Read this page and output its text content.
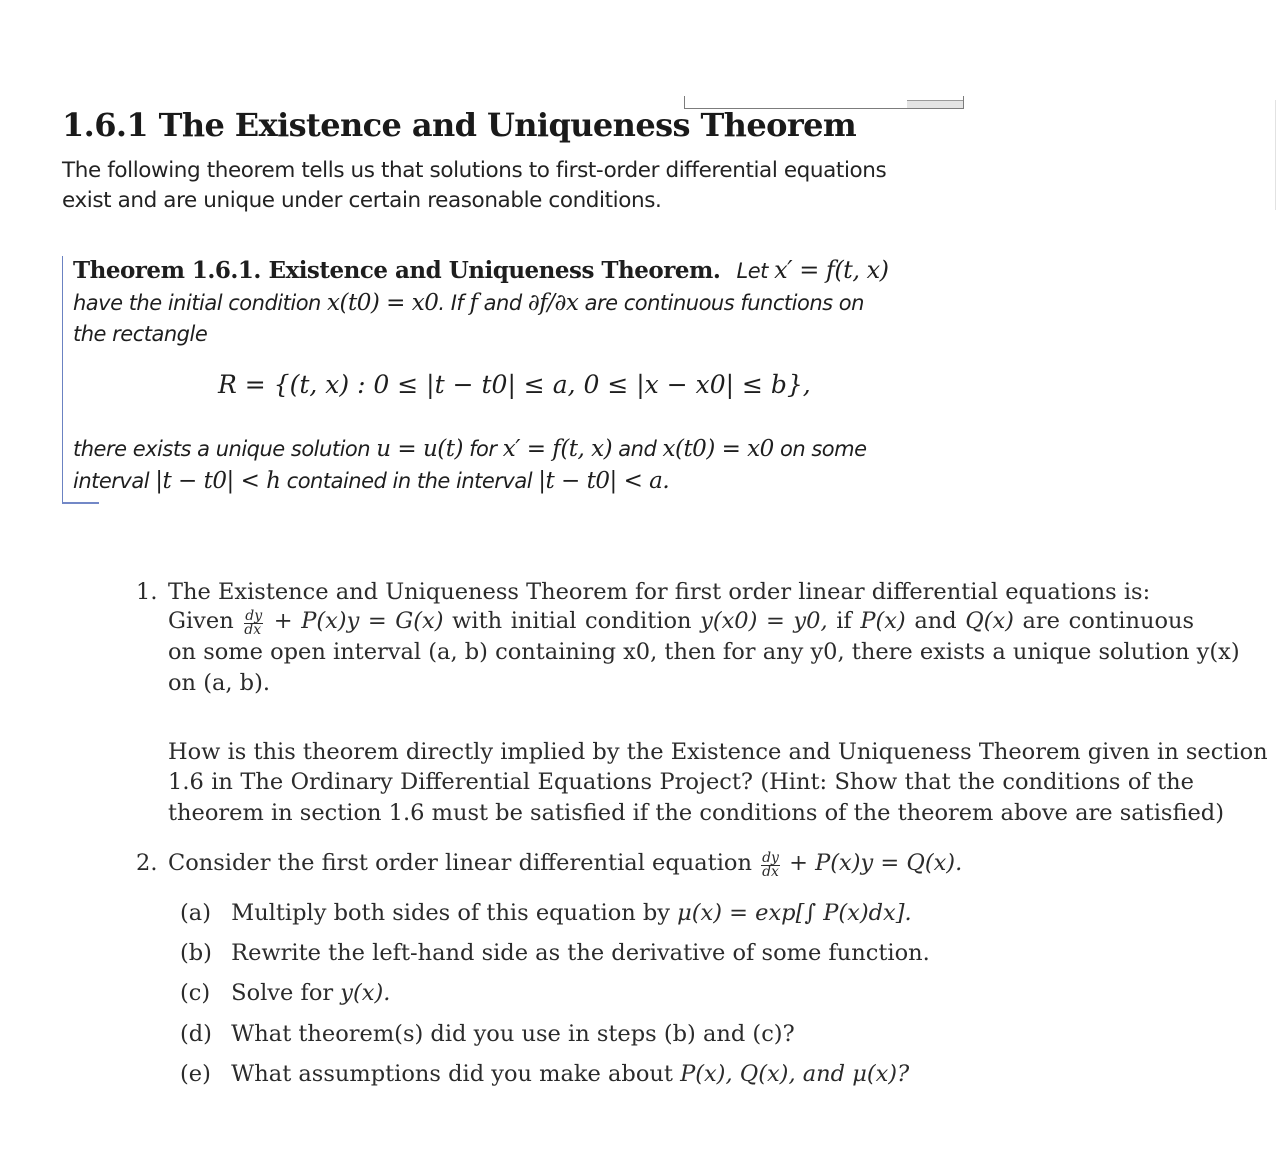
1.6.1 The Existence and Uniqueness Theorem
The following theorem tells us that solutions to first-order differential equations
exist and are unique under certain reasonable conditions.
Theorem 1.6.1. Existence and Uniqueness Theorem. Let x′ = f(t, x)
have the initial condition x(t0) = x0. If f and ∂f/∂x are continuous functions on
the rectangle
R = {(t, x) : 0 ≤ |t − t0| ≤ a, 0 ≤ |x − x0| ≤ b},
there exists a unique solution u = u(t) for x′ = f(t, x) and x(t0) = x0 on some
interval |t − t0| < h contained in the interval |t − t0| < a.
1. The Existence and Uniqueness Theorem for first order linear differential equations is:
Given $\frac{dy}{dx} + P(x)y = G(x)$ with initial condition y(x0) = y0, if P(x) and Q(x) are continuous
on some open interval (a, b) containing x0, then for any y0, there exists a unique solution y(x)
on (a, b).
How is this theorem directly implied by the Existence and Uniqueness Theorem given in section
1.6 in The Ordinary Differential Equations Project? (Hint: Show that the conditions of the
theorem in section 1.6 must be satisfied if the conditions of the theorem above are satisfied)
2. Consider the first order linear differential equation $\frac{dy}{dx} + P(x)y = Q(x)$.
(a) Multiply both sides of this equation by μ(x) = exp[∫ P(x)dx].
(b) Rewrite the left-hand side as the derivative of some function.
(c) Solve for y(x).
(d) What theorem(s) did you use in steps (b) and (c)?
(e) What assumptions did you make about P(x), Q(x), and μ(x)?
